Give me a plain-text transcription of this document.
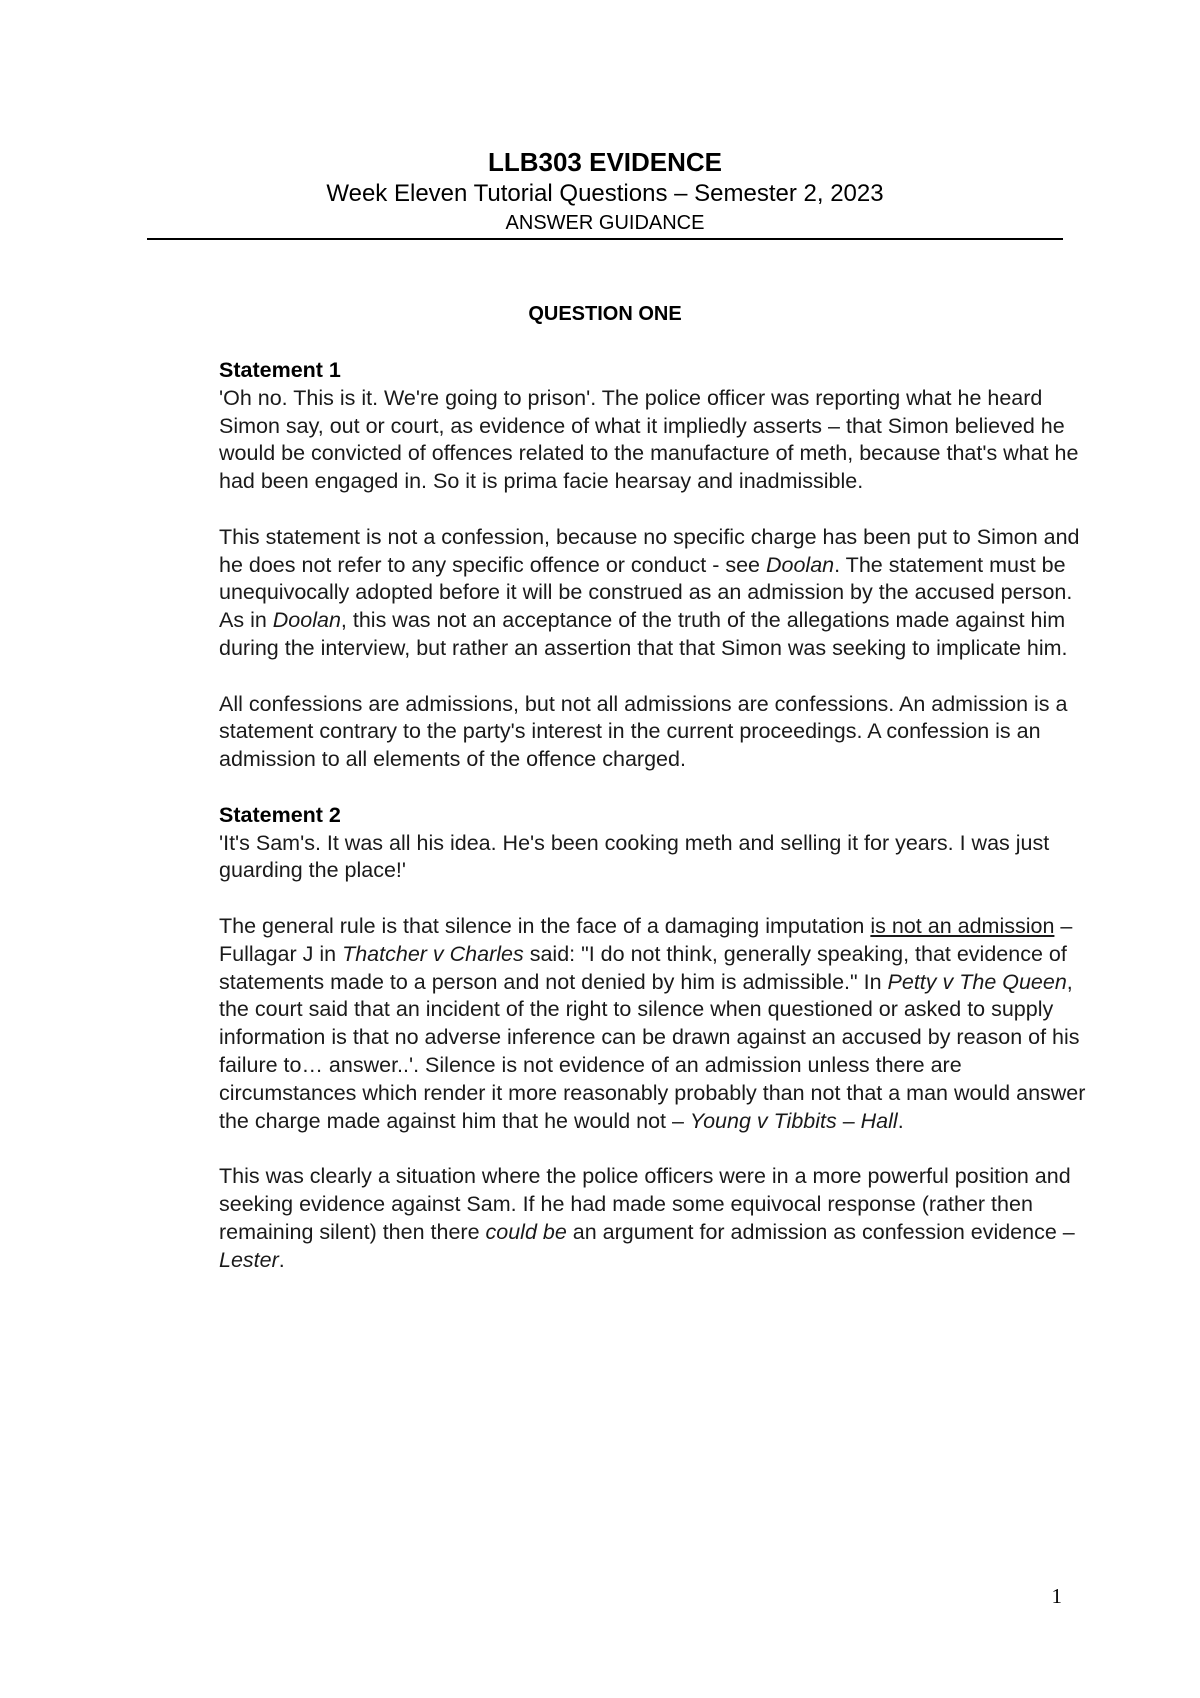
LLB303 EVIDENCE
Week Eleven Tutorial Questions – Semester 2, 2023
ANSWER GUIDANCE
QUESTION ONE

Statement 1

'Oh no. This is it. We're going to prison'. The police officer was reporting what he heard Simon say, out or court, as evidence of what it impliedly asserts – that Simon believed he would be convicted of offences related to the manufacture of meth, because that's what he had been engaged in. So it is prima facie hearsay and inadmissible.

This statement is not a confession, because no specific charge has been put to Simon and he does not refer to any specific offence or conduct - see Doolan. The statement must be unequivocally adopted before it will be construed as an admission by the accused person. As in Doolan, this was not an acceptance of the truth of the allegations made against him during the interview, but rather an assertion that that Simon was seeking to implicate him.

All confessions are admissions, but not all admissions are confessions. An admission is a statement contrary to the party's interest in the current proceedings. A confession is an admission to all elements of the offence charged.

Statement 2

'It's Sam's. It was all his idea. He's been cooking meth and selling it for years. I was just guarding the place!'

The general rule is that silence in the face of a damaging imputation is not an admission – Fullagar J in Thatcher v Charles said: "I do not think, generally speaking, that evidence of statements made to a person and not denied by him is admissible." In Petty v The Queen, the court said that an incident of the right to silence when questioned or asked to supply information is that no adverse inference can be drawn against an accused by reason of his failure to… answer..'. Silence is not evidence of an admission unless there are circumstances which render it more reasonably probably than not that a man would answer the charge made against him that he would not – Young v Tibbits – Hall.

This was clearly a situation where the police officers were in a more powerful position and seeking evidence against Sam. If he had made some equivocal response (rather then remaining silent) then there could be an argument for admission as confession evidence – Lester.

1
